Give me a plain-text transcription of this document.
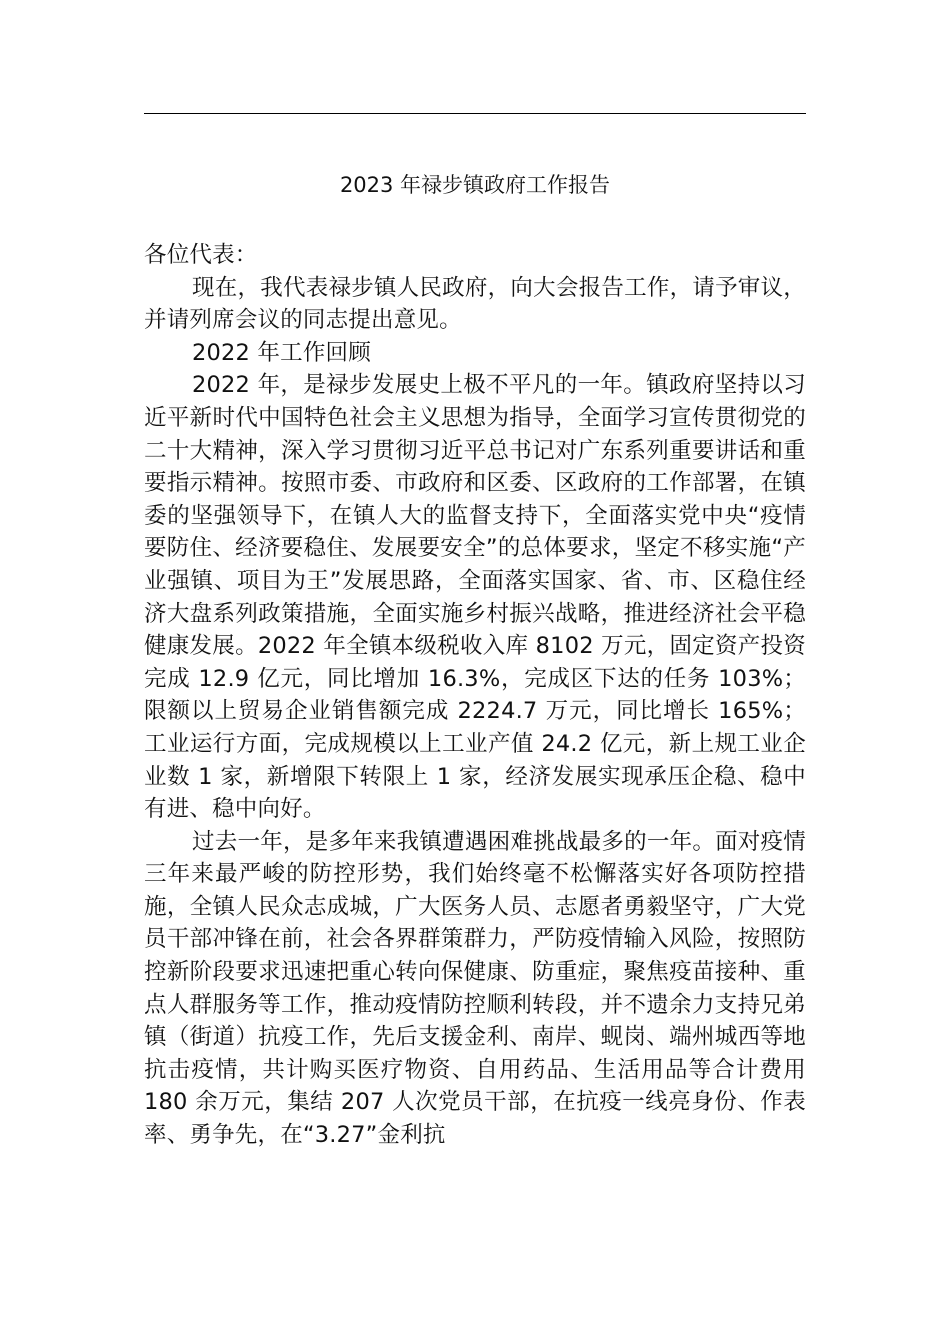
2023 年禄步镇政府工作报告

各位代表：

现在，我代表禄步镇人民政府，向大会报告工作，请予审议，并请列席会议的同志提出意见。

2022 年工作回顾

2022 年，是禄步发展史上极不平凡的一年。镇政府坚持以习近平新时代中国特色社会主义思想为指导，全面学习宣传贯彻党的二十大精神，深入学习贯彻习近平总书记对广东系列重要讲话和重要指示精神。按照市委、市政府和区委、区政府的工作部署，在镇委的坚强领导下，在镇人大的监督支持下，全面落实党中央“疫情要防住、经济要稳住、发展要安全”的总体要求，坚定不移实施“产业强镇、项目为王”发展思路，全面落实国家、省、市、区稳住经济大盘系列政策措施，全面实施乡村振兴战略，推进经济社会平稳健康发展。2022 年全镇本级税收入库 8102 万元，固定资产投资完成 12.9 亿元，同比增加 16.3%，完成区下达的任务 103%；限额以上贸易企业销售额完成 2224.7 万元，同比增长 165%；工业运行方面，完成规模以上工业产值 24.2 亿元，新上规工业企业数 1 家，新增限下转限上 1 家，经济发展实现承压企稳、稳中有进、稳中向好。

过去一年，是多年来我镇遭遇困难挑战最多的一年。面对疫情三年来最严峻的防控形势，我们始终毫不松懈落实好各项防控措施，全镇人民众志成城，广大医务人员、志愿者勇毅坚守，广大党员干部冲锋在前，社会各界群策群力，严防疫情输入风险，按照防控新阶段要求迅速把重心转向保健康、防重症，聚焦疫苗接种、重点人群服务等工作，推动疫情防控顺利转段，并不遗余力支持兄弟镇（街道）抗疫工作，先后支援金利、南岸、蚬岗、端州城西等地抗击疫情，共计购买医疗物资、自用药品、生活用品等合计费用 180 余万元，集结 207 人次党员干部，在抗疫一线亮身份、作表率、勇争先，在“3.27”金利抗
